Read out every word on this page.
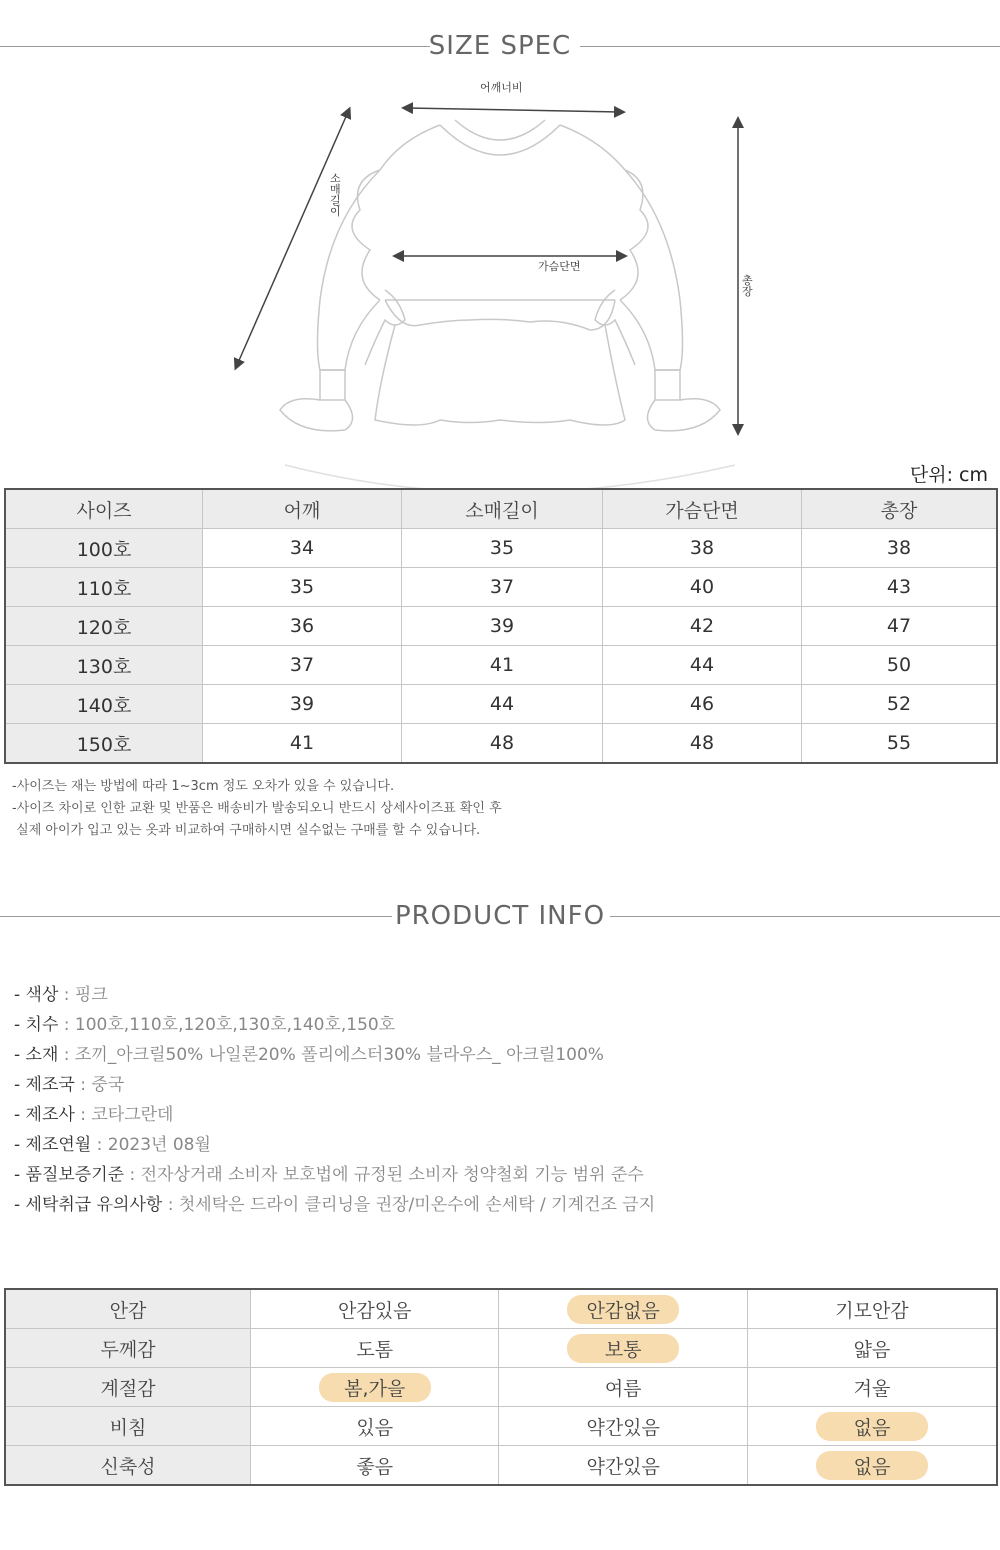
SIZE SPEC
어깨너비
소매길이
가슴단면
총장
단위: cm
사이즈	어깨	소매길이	가슴단면	총장
100호	34	35	38	38
110호	35	37	40	43
120호	36	39	42	47
130호	37	41	44	50
140호	39	44	46	52
150호	41	48	48	55
-사이즈는 재는 방법에 따라 1~3cm 정도 오차가 있을 수 있습니다.
-사이즈 차이로 인한 교환 및 반품은 배송비가 발송되오니 반드시 상세사이즈표 확인 후
실제 아이가 입고 있는 옷과 비교하여 구매하시면 실수없는 구매를 할 수 있습니다.
PRODUCT INFO
- 색상 : 핑크
- 치수 : 100호,110호,120호,130호,140호,150호
- 소재 : 조끼_아크릴50% 나일론20% 폴리에스터30% 블라우스_ 아크릴100%
- 제조국 : 중국
- 제조사 : 코타그란데
- 제조연월 : 2023년 08월
- 품질보증기준 : 전자상거래 소비자 보호법에 규정된 소비자 청약철회 기능 범위 준수
- 세탁취급 유의사항 : 첫세탁은 드라이 클리닝을 권장/미온수에 손세탁 / 기계건조 금지
안감	안감있음	안감없음	기모안감
두께감	도톰	보통	얇음
계절감	봄,가을	여름	겨울
비침	있음	약간있음	없음
신축성	좋음	약간있음	없음
